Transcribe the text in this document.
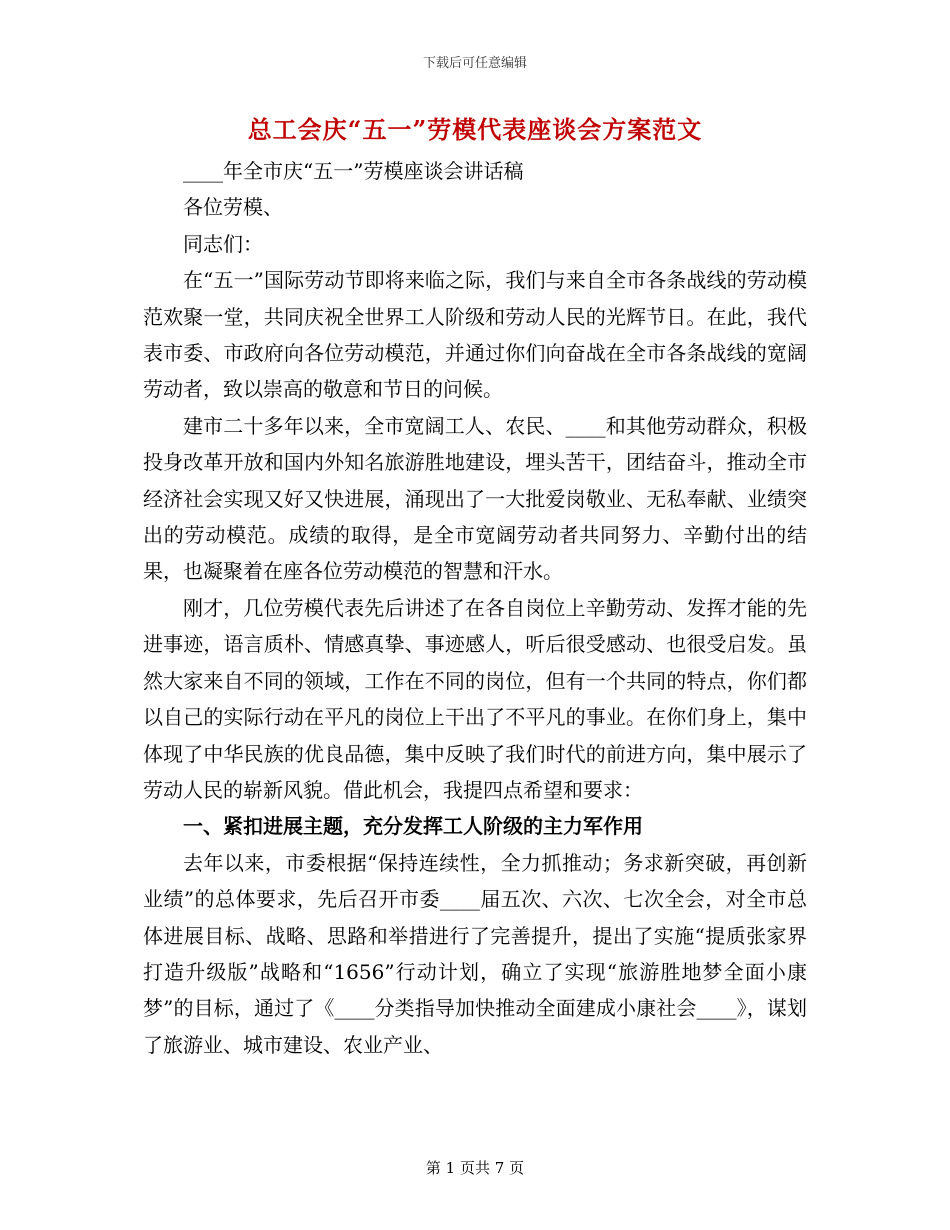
下载后可任意编辑
总工会庆“五一”劳模代表座谈会方案范文

____年全市庆“五一”劳模座谈会讲话稿

各位劳模、

同志们：

在“五一”国际劳动节即将来临之际，我们与来自全市各条战线的劳动模范欢聚一堂，共同庆祝全世界工人阶级和劳动人民的光辉节日。在此，我代表市委、市政府向各位劳动模范，并通过你们向奋战在全市各条战线的宽阔劳动者，致以崇高的敬意和节日的问候。

建市二十多年以来，全市宽阔工人、农民、____和其他劳动群众，积极投身改革开放和国内外知名旅游胜地建设，埋头苦干，团结奋斗，推动全市经济社会实现又好又快进展，涌现出了一大批爱岗敬业、无私奉献、业绩突出的劳动模范。成绩的取得，是全市宽阔劳动者共同努力、辛勤付出的结果，也凝聚着在座各位劳动模范的智慧和汗水。

刚才，几位劳模代表先后讲述了在各自岗位上辛勤劳动、发挥才能的先进事迹，语言质朴、情感真挚、事迹感人，听后很受感动、也很受启发。虽然大家来自不同的领域，工作在不同的岗位，但有一个共同的特点，你们都以自己的实际行动在平凡的岗位上干出了不平凡的事业。在你们身上，集中体现了中华民族的优良品德，集中反映了我们时代的前进方向，集中展示了劳动人民的崭新风貌。借此机会，我提四点希望和要求：

一、紧扣进展主题，充分发挥工人阶级的主力军作用

去年以来，市委根据“保持连续性，全力抓推动；务求新突破，再创新业绩”的总体要求，先后召开市委____届五次、六次、七次全会，对全市总体进展目标、战略、思路和举措进行了完善提升，提出了实施“提质张家界打造升级版”战略和“1656”行动计划，确立了实现“旅游胜地梦全面小康梦”的目标，通过了《____分类指导加快推动全面建成小康社会____》，谋划了旅游业、城市建设、农业产业、

第 1 页共 7 页
